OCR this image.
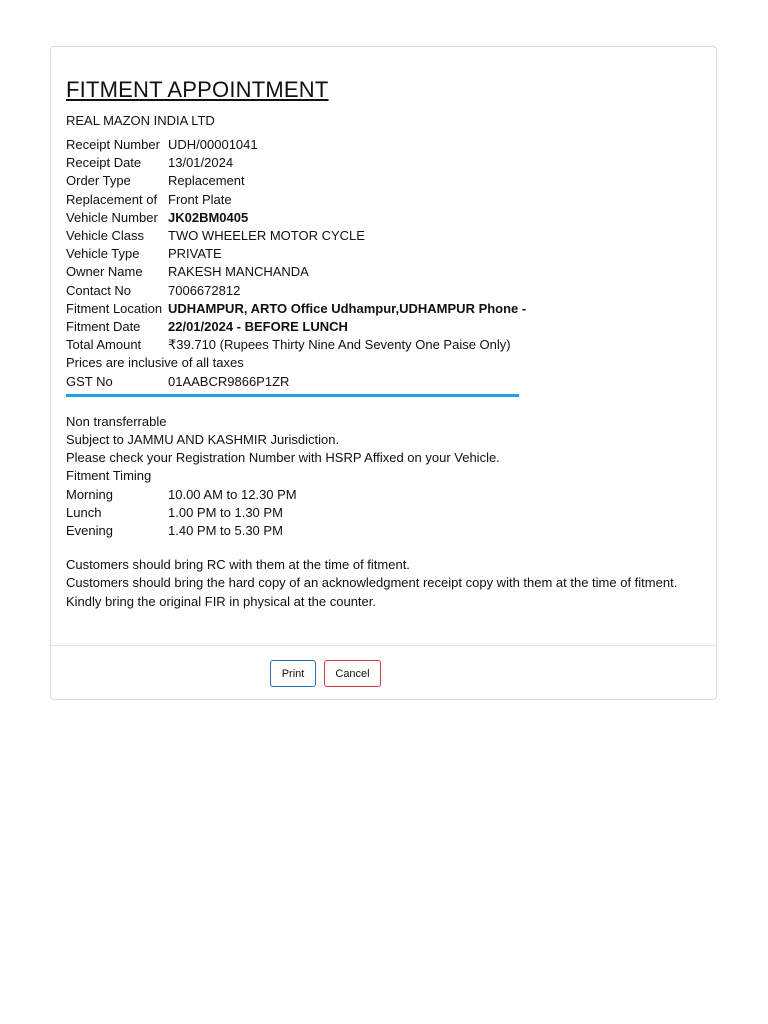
FITMENT APPOINTMENT
REAL MAZON INDIA LTD
Receipt Number UDH/00001041
Receipt Date	13/01/2024
Order Type	Replacement
Replacement of Front Plate
Vehicle Number JK02BM0405
Vehicle Class	TWO WHEELER MOTOR CYCLE
Vehicle Type	PRIVATE
Owner Name	RAKESH MANCHANDA
Contact No	7006672812
Fitment Location UDHAMPUR, ARTO Office Udhampur,UDHAMPUR Phone -
Fitment Date	22/01/2024 - BEFORE LUNCH
Total Amount	₹39.710 (Rupees Thirty Nine And Seventy One Paise Only)
Prices are inclusive of all taxes
GST No	01AABCR9866P1ZR
Non transferrable
Subject to JAMMU AND KASHMIR Jurisdiction.
Please check your Registration Number with HSRP Affixed on your Vehicle.
Fitment Timing
Morning	10.00 AM to 12.30 PM
Lunch	1.00 PM to 1.30 PM
Evening	1.40 PM to 5.30 PM
Customers should bring RC with them at the time of fitment.
Customers should bring the hard copy of an acknowledgment receipt copy with them at the time of fitment.
Kindly bring the original FIR in physical at the counter.
Print	Cancel
